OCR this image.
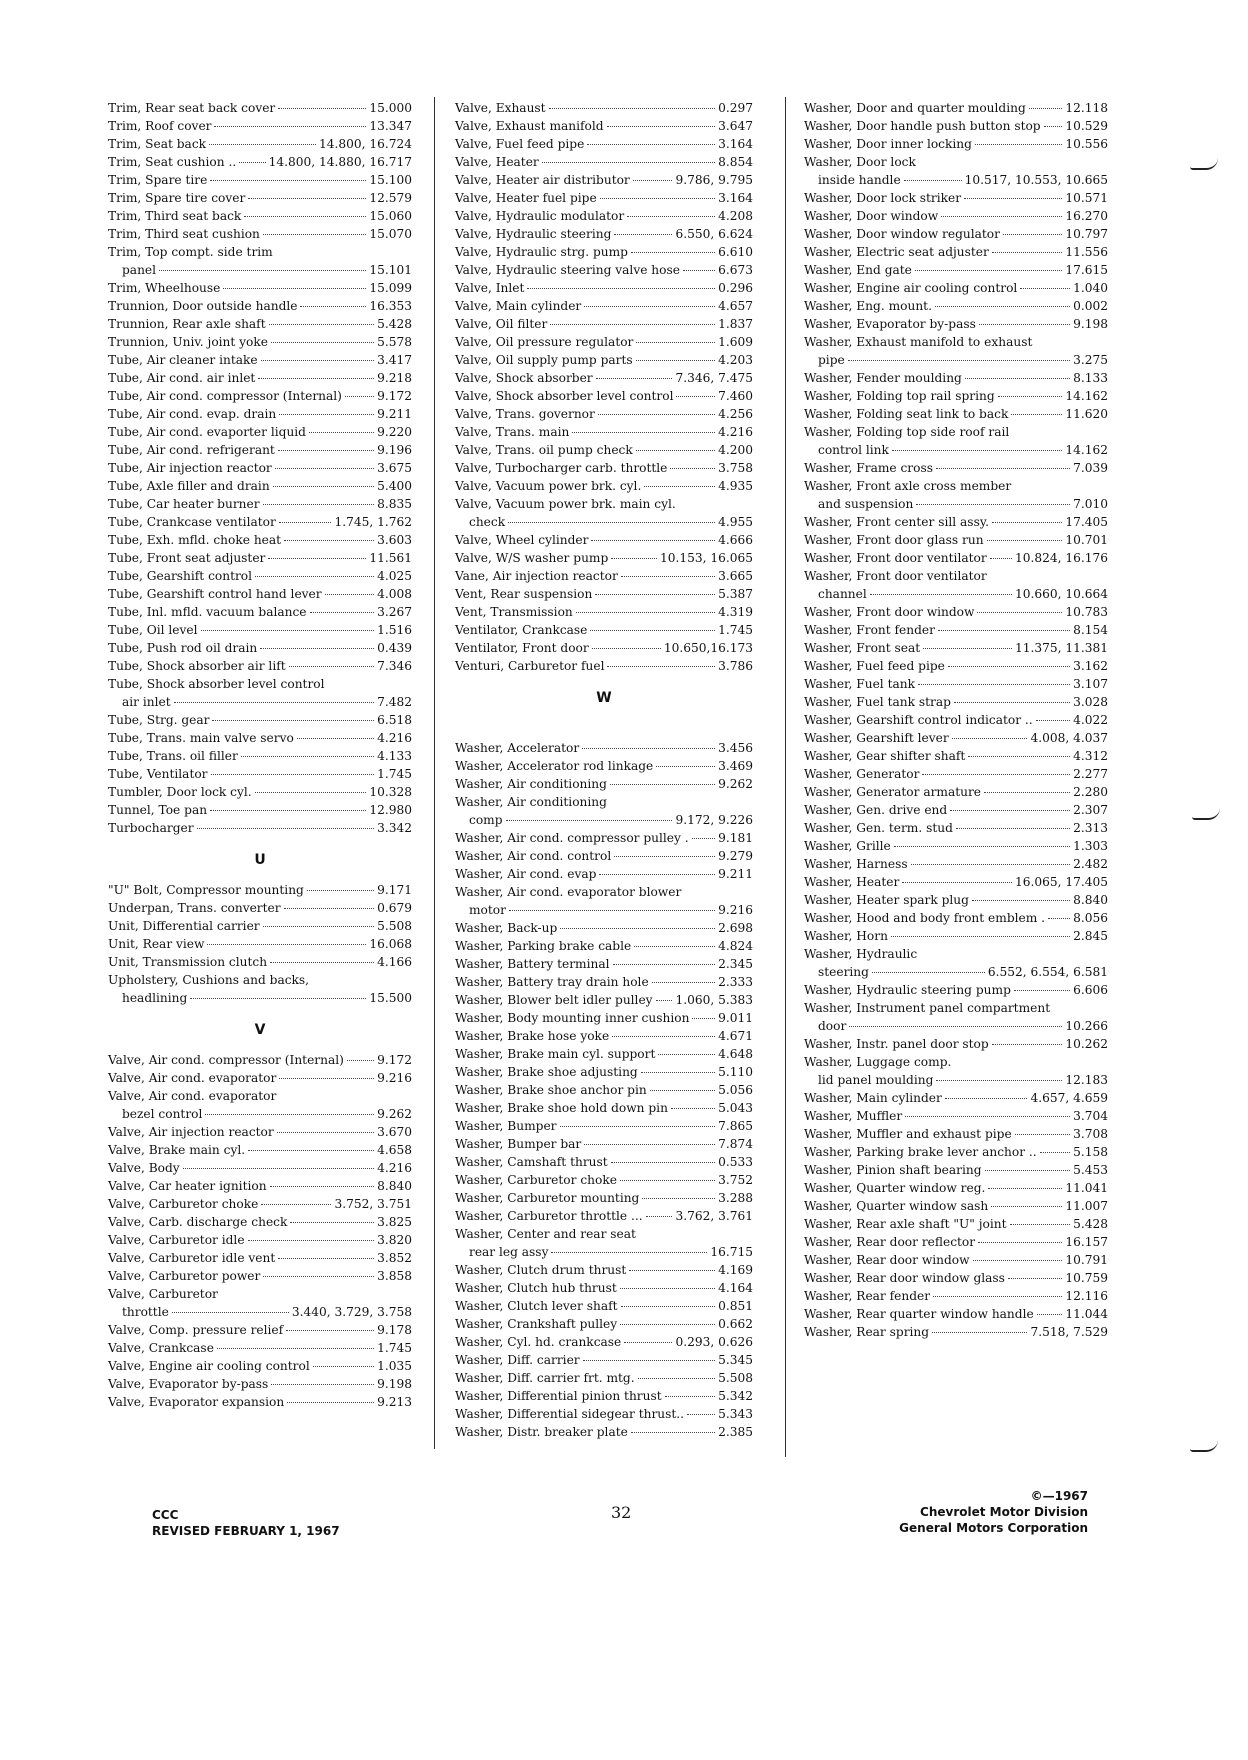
Trim, Rear seat back cover	15.000
Trim, Roof cover	13.347
Trim, Seat back	14.800, 16.724
Trim, Seat cushion ..	14.800, 14.880, 16.717
Trim, Spare tire	15.100
Trim, Spare tire cover	12.579
Trim, Third seat back	15.060
Trim, Third seat cushion	15.070
Trim, Top compt. side trim
panel	15.101
Trim, Wheelhouse	15.099
Trunnion, Door outside handle	16.353
Trunnion, Rear axle shaft	5.428
Trunnion, Univ. joint yoke	5.578
Tube, Air cleaner intake	3.417
Tube, Air cond. air inlet	9.218
Tube, Air cond. compressor (Internal)	9.172
Tube, Air cond. evap. drain	9.211
Tube, Air cond. evaporter liquid	9.220
Tube, Air cond. refrigerant	9.196
Tube, Air injection reactor	3.675
Tube, Axle filler and drain	5.400
Tube, Car heater burner	8.835
Tube, Crankcase ventilator	1.745, 1.762
Tube, Exh. mfld. choke heat	3.603
Tube, Front seat adjuster	11.561
Tube, Gearshift control	4.025
Tube, Gearshift control hand lever	4.008
Tube, Inl. mfld. vacuum balance	3.267
Tube, Oil level	1.516
Tube, Push rod oil drain	0.439
Tube, Shock absorber air lift	7.346
Tube, Shock absorber level control
air inlet	7.482
Tube, Strg. gear	6.518
Tube, Trans. main valve servo	4.216
Tube, Trans. oil filler	4.133
Tube, Ventilator	1.745
Tumbler, Door lock cyl.	10.328
Tunnel, Toe pan	12.980
Turbocharger	3.342
U
"U" Bolt, Compressor mounting	9.171
Underpan, Trans. converter	0.679
Unit, Differential carrier	5.508
Unit, Rear view	16.068
Unit, Transmission clutch	4.166
Upholstery, Cushions and backs,
headlining	15.500
V
Valve, Air cond. compressor (Internal)	9.172
Valve, Air cond. evaporator	9.216
Valve, Air cond. evaporator
bezel control	9.262
Valve, Air injection reactor	3.670
Valve, Brake main cyl.	4.658
Valve, Body	4.216
Valve, Car heater ignition	8.840
Valve, Carburetor choke	3.752, 3.751
Valve, Carb. discharge check	3.825
Valve, Carburetor idle	3.820
Valve, Carburetor idle vent	3.852
Valve, Carburetor power	3.858
Valve, Carburetor
throttle	3.440, 3.729, 3.758
Valve, Comp. pressure relief	9.178
Valve, Crankcase	1.745
Valve, Engine air cooling control	1.035
Valve, Evaporator by-pass	9.198
Valve, Evaporator expansion	9.213
Valve, Exhaust	0.297
Valve, Exhaust manifold	3.647
Valve, Fuel feed pipe	3.164
Valve, Heater	8.854
Valve, Heater air distributor	9.786, 9.795
Valve, Heater fuel pipe	3.164
Valve, Hydraulic modulator	4.208
Valve, Hydraulic steering	6.550, 6.624
Valve, Hydraulic strg. pump	6.610
Valve, Hydraulic steering valve hose	6.673
Valve, Inlet	0.296
Valve, Main cylinder	4.657
Valve, Oil filter	1.837
Valve, Oil pressure regulator	1.609
Valve, Oil supply pump parts	4.203
Valve, Shock absorber	7.346, 7.475
Valve, Shock absorber level control	7.460
Valve, Trans. governor	4.256
Valve, Trans. main	4.216
Valve, Trans. oil pump check	4.200
Valve, Turbocharger carb. throttle	3.758
Valve, Vacuum power brk. cyl.	4.935
Valve, Vacuum power brk. main cyl.
check	4.955
Valve, Wheel cylinder	4.666
Valve, W/S washer pump	10.153, 16.065
Vane, Air injection reactor	3.665
Vent, Rear suspension	5.387
Vent, Transmission	4.319
Ventilator, Crankcase	1.745
Ventilator, Front door	10.650,16.173
Venturi, Carburetor fuel	3.786
W
Washer, Accelerator	3.456
Washer, Accelerator rod linkage	3.469
Washer, Air conditioning	9.262
Washer, Air conditioning
comp	9.172, 9.226
Washer, Air cond. compressor pulley . 9.181
Washer, Air cond. control	9.279
Washer, Air cond. evap	9.211
Washer, Air cond. evaporator blower
motor	9.216
Washer, Back-up	2.698
Washer, Parking brake cable	4.824
Washer, Battery terminal	2.345
Washer, Battery tray drain hole	2.333
Washer, Blower belt idler pulley 1.060, 5.383
Washer, Body mounting inner cushion 9.011
Washer, Brake hose yoke	4.671
Washer, Brake main cyl. support	4.648
Washer, Brake shoe adjusting	5.110
Washer, Brake shoe anchor pin	5.056
Washer, Brake shoe hold down pin	5.043
Washer, Bumper	7.865
Washer, Bumper bar	7.874
Washer, Camshaft thrust	0.533
Washer, Carburetor choke	3.752
Washer, Carburetor mounting	3.288
Washer, Carburetor throttle ...	3.762, 3.761
Washer, Center and rear seat
rear leg assy	16.715
Washer, Clutch drum thrust	4.169
Washer, Clutch hub thrust	4.164
Washer, Clutch lever shaft	0.851
Washer, Crankshaft pulley	0.662
Washer, Cyl. hd. crankcase	0.293, 0.626
Washer, Diff. carrier	5.345
Washer, Diff. carrier frt. mtg.	5.508
Washer, Differential pinion thrust	5.342
Washer, Differential sidegear thrust..	5.343
Washer, Distr. breaker plate	2.385
Washer, Door and quarter moulding	12.118
Washer, Door handle push button stop 10.529
Washer, Door inner locking	10.556
Washer, Door lock
inside handle	10.517, 10.553, 10.665
Washer, Door lock striker	10.571
Washer, Door window	16.270
Washer, Door window regulator	10.797
Washer, Electric seat adjuster	11.556
Washer, End gate	17.615
Washer, Engine air cooling control	1.040
Washer, Eng. mount.	0.002
Washer, Evaporator by-pass	9.198
Washer, Exhaust manifold to exhaust
pipe	3.275
Washer, Fender moulding	8.133
Washer, Folding top rail spring	14.162
Washer, Folding seat link to back	11.620
Washer, Folding top side roof rail
control link	14.162
Washer, Frame cross	7.039
Washer, Front axle cross member
and suspension	7.010
Washer, Front center sill assy.	17.405
Washer, Front door glass run	10.701
Washer, Front door ventilator 10.824, 16.176
Washer, Front door ventilator
channel	10.660, 10.664
Washer, Front door window	10.783
Washer, Front fender	8.154
Washer, Front seat	11.375, 11.381
Washer, Fuel feed pipe	3.162
Washer, Fuel tank	3.107
Washer, Fuel tank strap	3.028
Washer, Gearshift control indicator ..	4.022
Washer, Gearshift lever	4.008, 4.037
Washer, Gear shifter shaft	4.312
Washer, Generator	2.277
Washer, Generator armature	2.280
Washer, Gen. drive end	2.307
Washer, Gen. term. stud	2.313
Washer, Grille	1.303
Washer, Harness	2.482
Washer, Heater	16.065, 17.405
Washer, Heater spark plug	8.840
Washer, Hood and body front emblem . 8.056
Washer, Horn	2.845
Washer, Hydraulic
steering	6.552, 6.554, 6.581
Washer, Hydraulic steering pump	6.606
Washer, Instrument panel compartment
door	10.266
Washer, Instr. panel door stop	10.262
Washer, Luggage comp.
lid panel moulding	12.183
Washer, Main cylinder	4.657, 4.659
Washer, Muffler	3.704
Washer, Muffler and exhaust pipe	3.708
Washer, Parking brake lever anchor ..	5.158
Washer, Pinion shaft bearing	5.453
Washer, Quarter window reg.	11.041
Washer, Quarter window sash	11.007
Washer, Rear axle shaft "U" joint	5.428
Washer, Rear door reflector	16.157
Washer, Rear door window	10.791
Washer, Rear door window glass	10.759
Washer, Rear fender	12.116
Washer, Rear quarter window handle	11.044
Washer, Rear spring	7.518, 7.529
CCC
REVISED FEBRUARY 1, 1967
32
©—1967
Chevrolet Motor Division
General Motors Corporation
